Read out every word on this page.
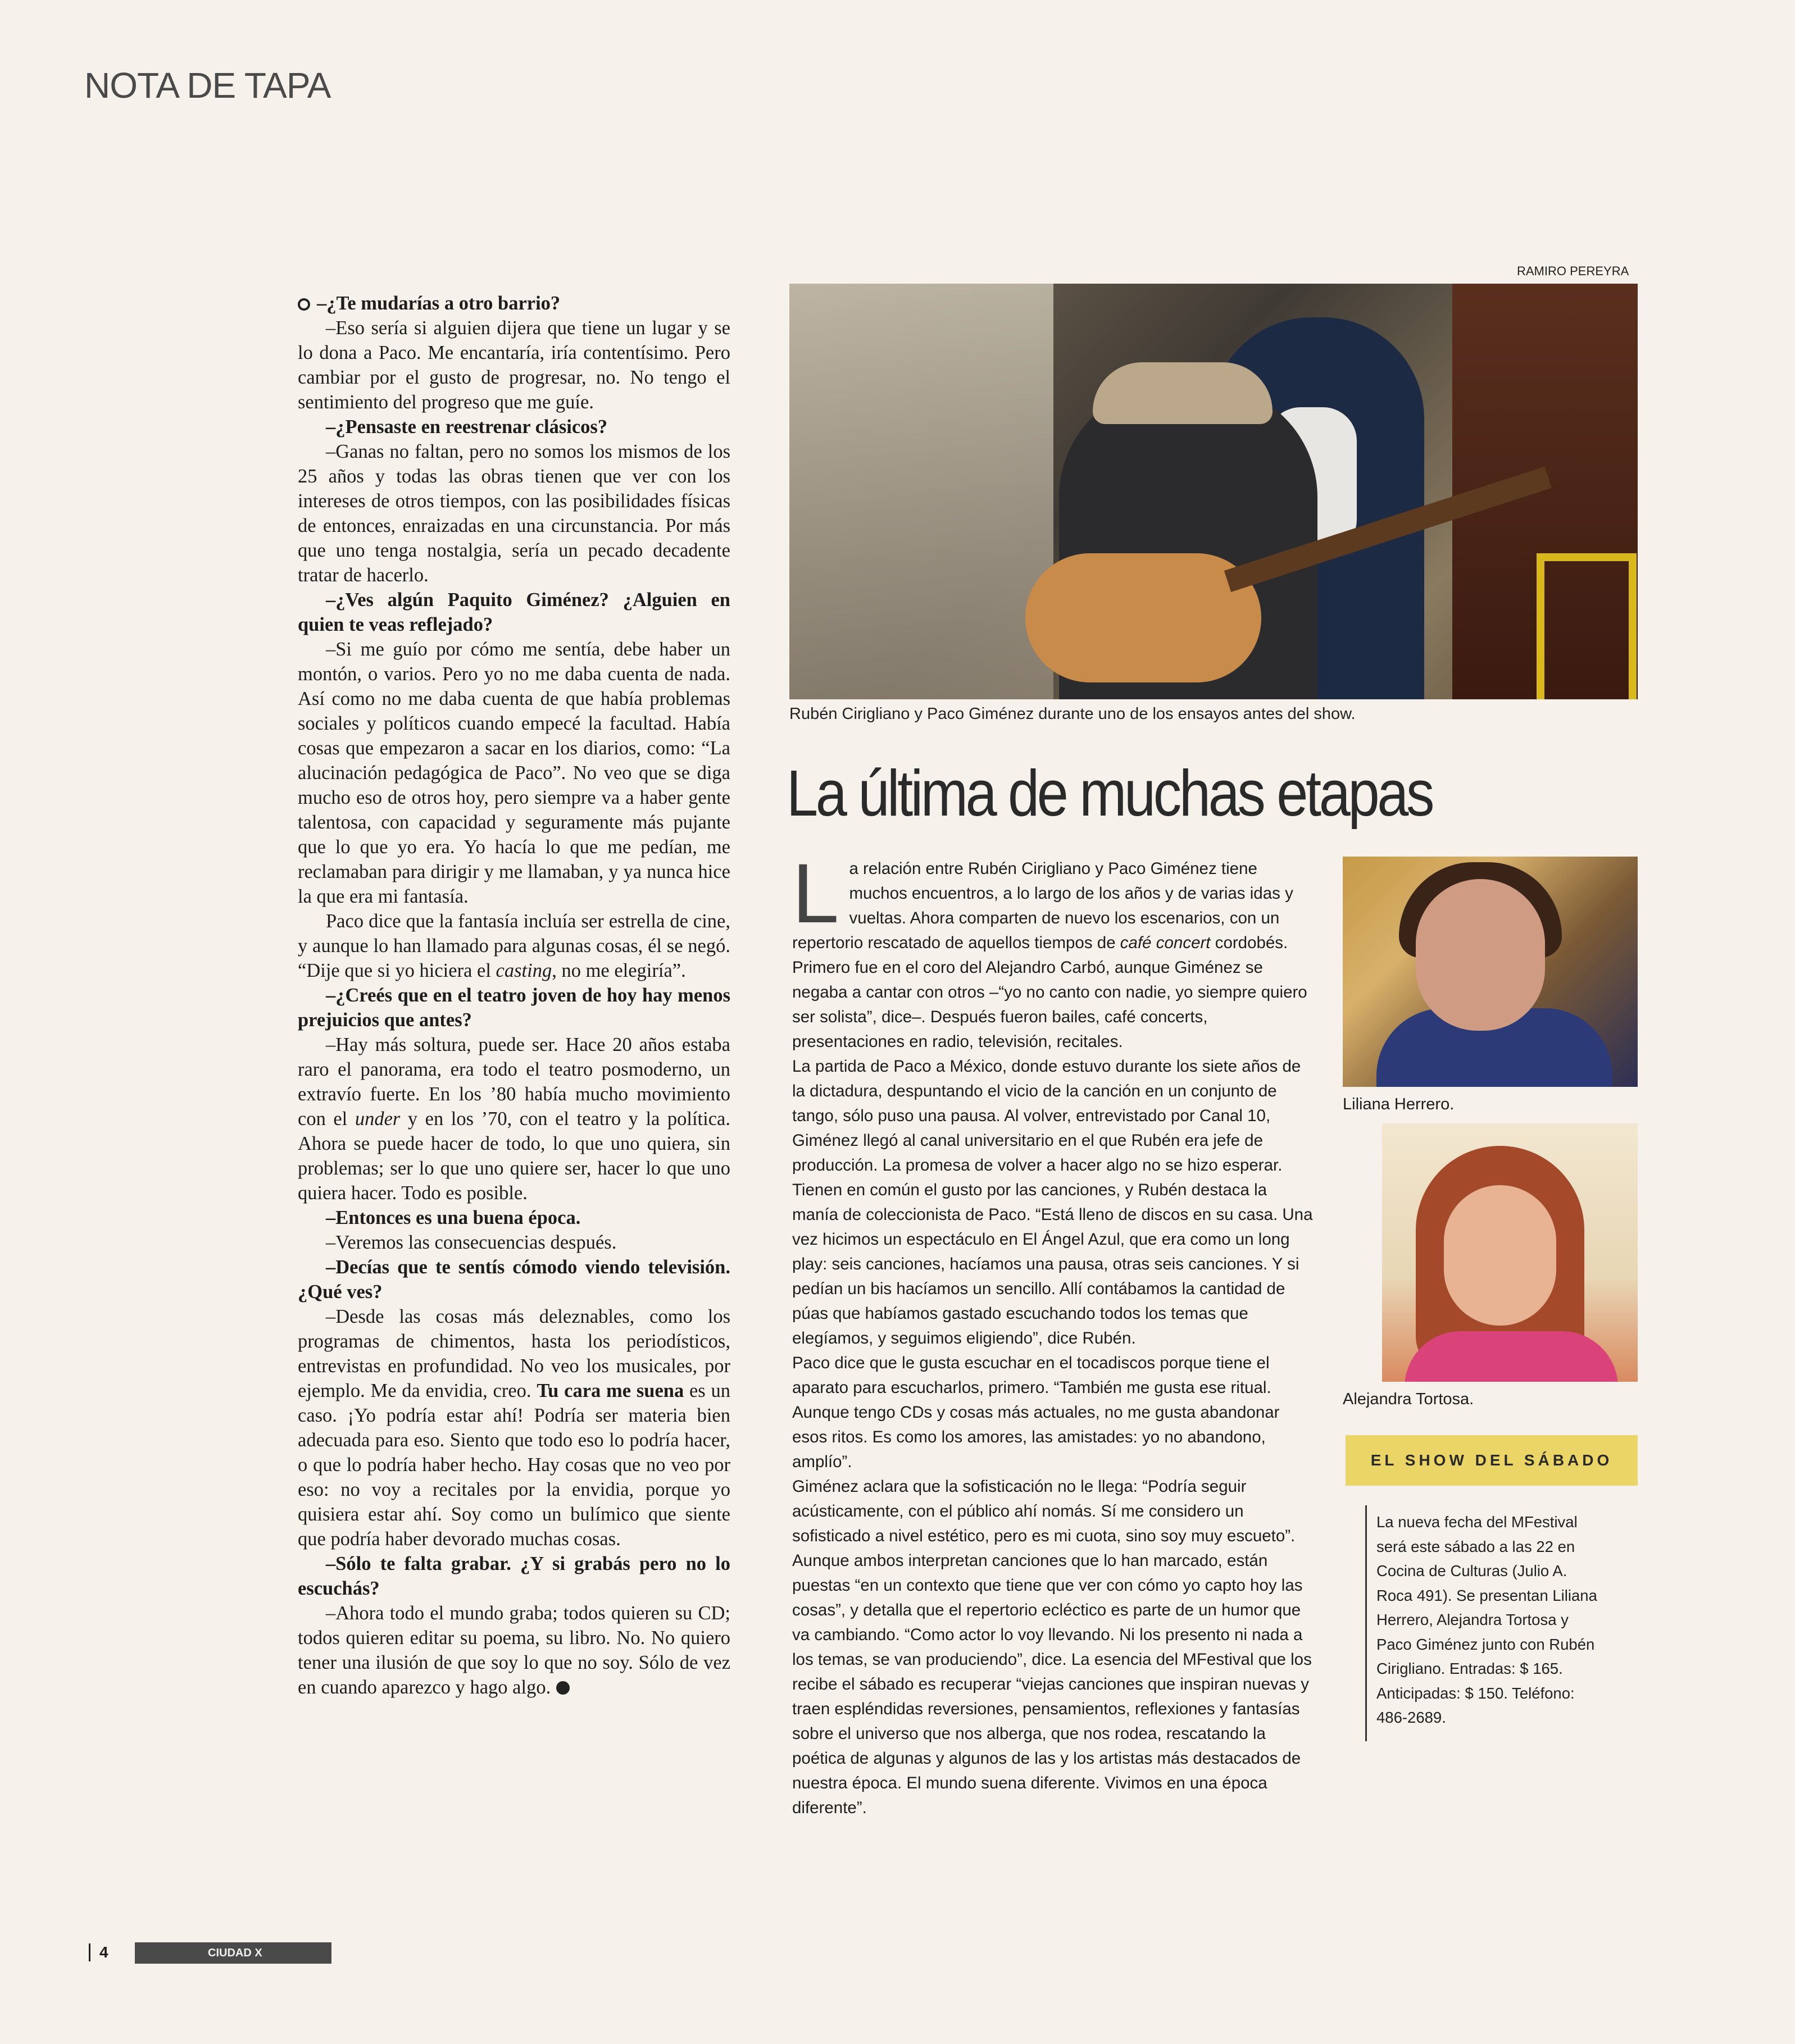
NOTA DE TAPA

–¿Te mudarías a otro barrio?

–Eso sería si alguien dijera que tiene un lugar y se lo dona a Paco. Me encantaría, iría contentísimo. Pero cambiar por el gusto de progresar, no. No tengo el sentimiento del progreso que me guíe.

–¿Pensaste en reestrenar clásicos?

–Ganas no faltan, pero no somos los mismos de los 25 años y todas las obras tienen que ver con los intereses de otros tiempos, con las posibilidades físicas de entonces, enraizadas en una circunstancia. Por más que uno tenga nostalgia, sería un pecado decadente tratar de hacerlo.

–¿Ves algún Paquito Giménez? ¿Alguien en quien te veas reflejado?

–Si me guío por cómo me sentía, debe haber un montón, o varios. Pero yo no me daba cuenta de nada. Así como no me daba cuenta de que había problemas sociales y políticos cuando empecé la facultad. Había cosas que empezaron a sacar en los diarios, como: “La alucinación pedagógica de Paco”. No veo que se diga mucho eso de otros hoy, pero siempre va a haber gente talentosa, con capacidad y seguramente más pujante que lo que yo era. Yo hacía lo que me pedían, me reclamaban para dirigir y me llamaban, y ya nunca hice la que era mi fantasía.

Paco dice que la fantasía incluía ser estrella de cine, y aunque lo han llamado para algunas cosas, él se negó. “Dije que si yo hiciera el casting, no me elegiría”.

–¿Creés que en el teatro joven de hoy hay menos prejuicios que antes?

–Hay más soltura, puede ser. Hace 20 años estaba raro el panorama, era todo el teatro posmoderno, un extravío fuerte. En los ’80 había mucho movimiento con el under y en los ’70, con el teatro y la política. Ahora se puede hacer de todo, lo que uno quiera, sin problemas; ser lo que uno quiere ser, hacer lo que uno quiera hacer. Todo es posible.

–Entonces es una buena época.

–Veremos las consecuencias después.

–Decías que te sentís cómodo viendo televisión. ¿Qué ves?

–Desde las cosas más deleznables, como los programas de chimentos, hasta los periodísticos, entrevistas en profundidad. No veo los musicales, por ejemplo. Me da envidia, creo. Tu cara me suena es un caso. ¡Yo podría estar ahí! Podría ser materia bien adecuada para eso. Siento que todo eso lo podría hacer, o que lo podría haber hecho. Hay cosas que no veo por eso: no voy a recitales por la envidia, porque yo quisiera estar ahí. Soy como un bulímico que siente que podría haber devorado muchas cosas.

–Sólo te falta grabar. ¿Y si grabás pero no lo escuchás?

–Ahora todo el mundo graba; todos quieren su CD; todos quieren editar su poema, su libro. No. No quiero tener una ilusión de que soy lo que no soy. Sólo de vez en cuando aparezco y hago algo.

RAMIRO PEREYRA
Rubén Cirigliano y Paco Giménez durante uno de los ensayos antes del show.
La última de muchas etapas

La relación entre Rubén Cirigliano y Paco Giménez tiene muchos encuentros, a lo largo de los años y de varias idas y vueltas. Ahora comparten de nuevo los escenarios, con un repertorio rescatado de aquellos tiempos de café concert cordobés. Primero fue en el coro del Alejandro Carbó, aunque Giménez se negaba a cantar con otros –“yo no canto con nadie, yo siempre quiero ser solista”, dice–. Después fueron bailes, café concerts, presentaciones en radio, televisión, recitales.

La partida de Paco a México, donde estuvo durante los siete años de la dictadura, despuntando el vicio de la canción en un conjunto de tango, sólo puso una pausa. Al volver, entrevistado por Canal 10, Giménez llegó al canal universitario en el que Rubén era jefe de producción. La promesa de volver a hacer algo no se hizo esperar.

Tienen en común el gusto por las canciones, y Rubén destaca la manía de coleccionista de Paco. “Está lleno de discos en su casa. Una vez hicimos un espectáculo en El Ángel Azul, que era como un long play: seis canciones, hacíamos una pausa, otras seis canciones. Y si pedían un bis hacíamos un sencillo. Allí contábamos la cantidad de púas que habíamos gastado escuchando todos los temas que elegíamos, y seguimos eligiendo”, dice Rubén.

Paco dice que le gusta escuchar en el tocadiscos porque tiene el aparato para escucharlos, primero. “También me gusta ese ritual. Aunque tengo CDs y cosas más actuales, no me gusta abandonar esos ritos. Es como los amores, las amistades: yo no abandono, amplío”.

Giménez aclara que la sofisticación no le llega: “Podría seguir acústicamente, con el público ahí nomás. Sí me considero un sofisticado a nivel estético, pero es mi cuota, sino soy muy escueto”.

Aunque ambos interpretan canciones que lo han marcado, están puestas “en un contexto que tiene que ver con cómo yo capto hoy las cosas”, y detalla que el repertorio ecléctico es parte de un humor que va cambiando. “Como actor lo voy llevando. Ni los presento ni nada a los temas, se van produciendo”, dice. La esencia del MFestival que los recibe el sábado es recuperar “viejas canciones que inspiran nuevas y traen espléndidas reversiones, pensamientos, reflexiones y fantasías sobre el universo que nos alberga, que nos rodea, rescatando la poética de algunas y algunos de las y los artistas más destacados de nuestra época. El mundo suena diferente. Vivimos en una época diferente”.

Liliana Herrero.
Alejandra Tortosa.
EL SHOW DEL SÁBADO
La nueva fecha del MFestival será este sábado a las 22 en Cocina de Culturas (Julio A. Roca 491). Se presentan Liliana Herrero, Alejandra Tortosa y Paco Giménez junto con Rubén Cirigliano. Entradas: $ 165. Anticipadas: $ 150. Teléfono: 486-2689.
4	CIUDAD X
